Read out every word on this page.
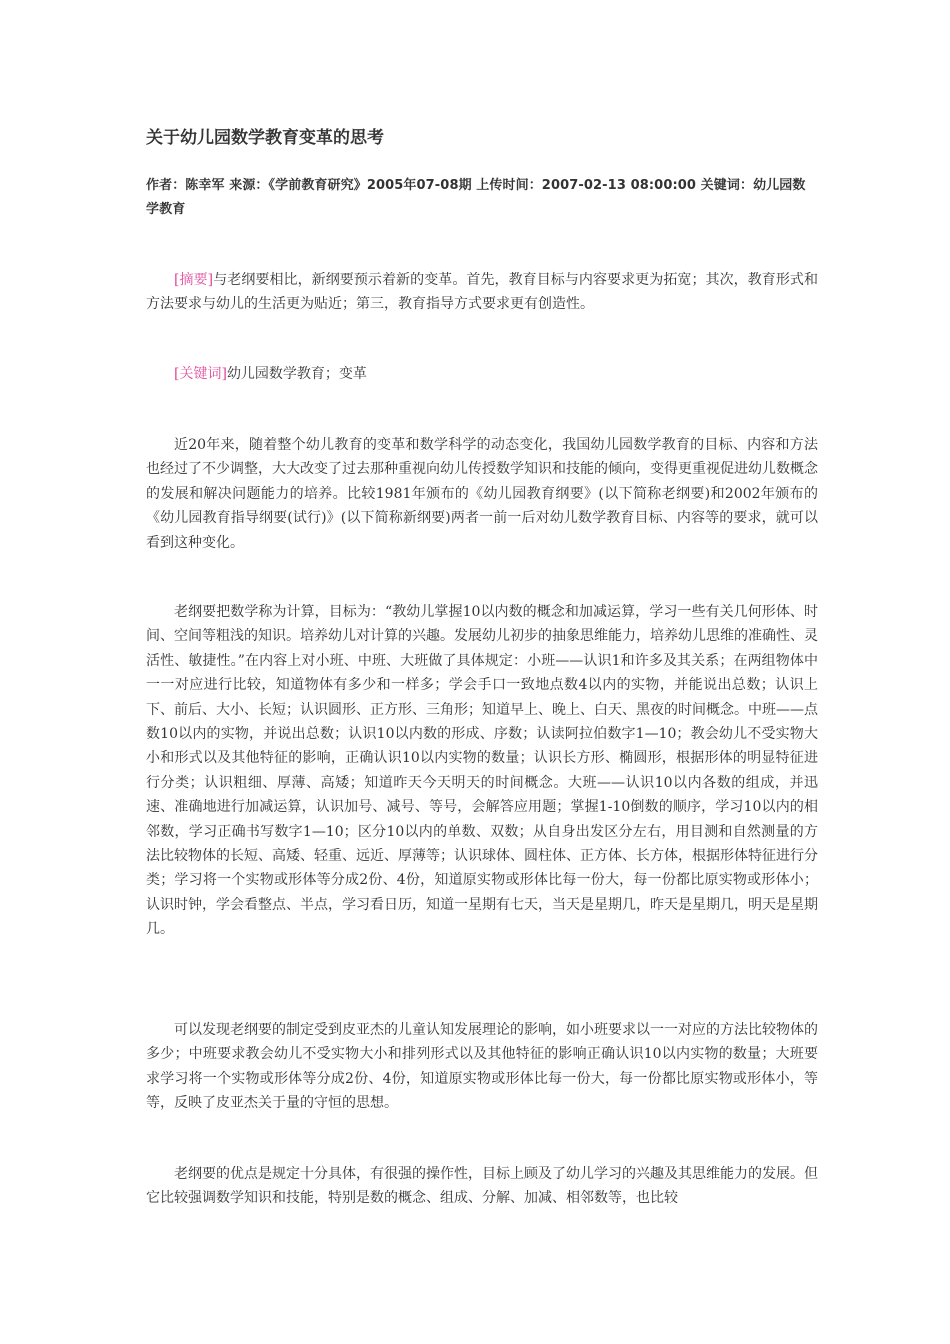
关于幼儿园数学教育变革的思考

作者：陈幸军 来源：《学前教育研究》2005年07-08期 上传时间：2007-02-13 08:00:00 关键词：幼儿园数学教育

[摘要]与老纲要相比，新纲要预示着新的变革。首先，教育目标与内容要求更为拓宽；其次，教育形式和方法要求与幼儿的生活更为贴近；第三，教育指导方式要求更有创造性。

[关键词]幼儿园数学教育；变革

近20年来，随着整个幼儿教育的变革和数学科学的动态变化，我国幼儿园数学教育的目标、内容和方法也经过了不少调整，大大改变了过去那种重视向幼儿传授数学知识和技能的倾向，变得更重视促进幼儿数概念的发展和解决问题能力的培养。比较1981年颁布的《幼儿园教育纲要》(以下简称老纲要)和2002年颁布的《幼儿园教育指导纲要(试行)》(以下简称新纲要)两者一前一后对幼儿数学教育目标、内容等的要求，就可以看到这种变化。

老纲要把数学称为计算，目标为：“教幼儿掌握10以内数的概念和加减运算，学习一些有关几何形体、时间、空间等粗浅的知识。培养幼儿对计算的兴趣。发展幼儿初步的抽象思维能力，培养幼儿思维的准确性、灵活性、敏捷性。”在内容上对小班、中班、大班做了具体规定：小班——认识1和许多及其关系；在两组物体中一一对应进行比较，知道物体有多少和一样多；学会手口一致地点数4以内的实物，并能说出总数；认识上下、前后、大小、长短；认识圆形、正方形、三角形；知道早上、晚上、白天、黑夜的时间概念。中班——点数10以内的实物，并说出总数；认识10以内数的形成、序数；认读阿拉伯数字1—10；教会幼儿不受实物大小和形式以及其他特征的影响，正确认识10以内实物的数量；认识长方形、椭圆形，根据形体的明显特征进行分类；认识粗细、厚薄、高矮；知道昨天今天明天的时间概念。大班——认识10以内各数的组成，并迅速、准确地进行加减运算，认识加号、减号、等号，会解答应用题；掌握1-10倒数的顺序，学习10以内的相邻数，学习正确书写数字1—10；区分10以内的单数、双数；从自身出发区分左右，用目测和自然测量的方法比较物体的长短、高矮、轻重、远近、厚薄等；认识球体、圆柱体、正方体、长方体，根据形体特征进行分类；学习将一个实物或形体等分成2份、4份，知道原实物或形体比每一份大，每一份都比原实物或形体小；认识时钟，学会看整点、半点，学习看日历，知道一星期有七天，当天是星期几，昨天是星期几，明天是星期几。

可以发现老纲要的制定受到皮亚杰的儿童认知发展理论的影响，如小班要求以一一对应的方法比较物体的多少；中班要求教会幼儿不受实物大小和排列形式以及其他特征的影响正确认识10以内实物的数量；大班要求学习将一个实物或形体等分成2份、4份，知道原实物或形体比每一份大，每一份都比原实物或形体小，等等，反映了皮亚杰关于量的守恒的思想。

老纲要的优点是规定十分具体，有很强的操作性，目标上顾及了幼儿学习的兴趣及其思维能力的发展。但它比较强调数学知识和技能，特别是数的概念、组成、分解、加减、相邻数等，也比较
